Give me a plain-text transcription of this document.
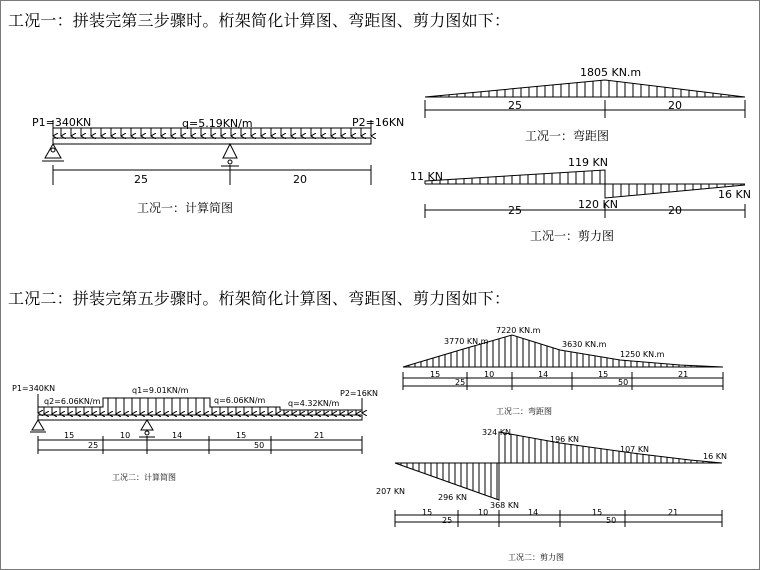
工况一：拼装完第三步骤时。桁架简化计算图、弯距图、剪力图如下：
工况二：拼装完第五步骤时。桁架简化计算图、弯距图、剪力图如下：
P1=340KN	P2=16KN
q=5.19KN/m
25	20
工况一：计算简图
1805 KN.m
25	20
工况一：弯距图
11 KN
119 KN
120 KN
16 KN
25	20
工况一：剪力图
P1=340KN
P2=16KN
q2=6.06KN/m
q1=9.01KN/m
q=6.06KN/m	q=4.32KN/m
15	10	14	15	21
25	50
工况二：计算简图
3770 KN.m
7220 KN.m
3630 KN.m
1250 KN.m
15	10	14	15	21
25	50
工况二：弯距图
324 KN
196 KN
107 KN
16 KN
207 KN
296 KN
368 KN
15	10	14	15	21
25	50
工况二：剪力图
